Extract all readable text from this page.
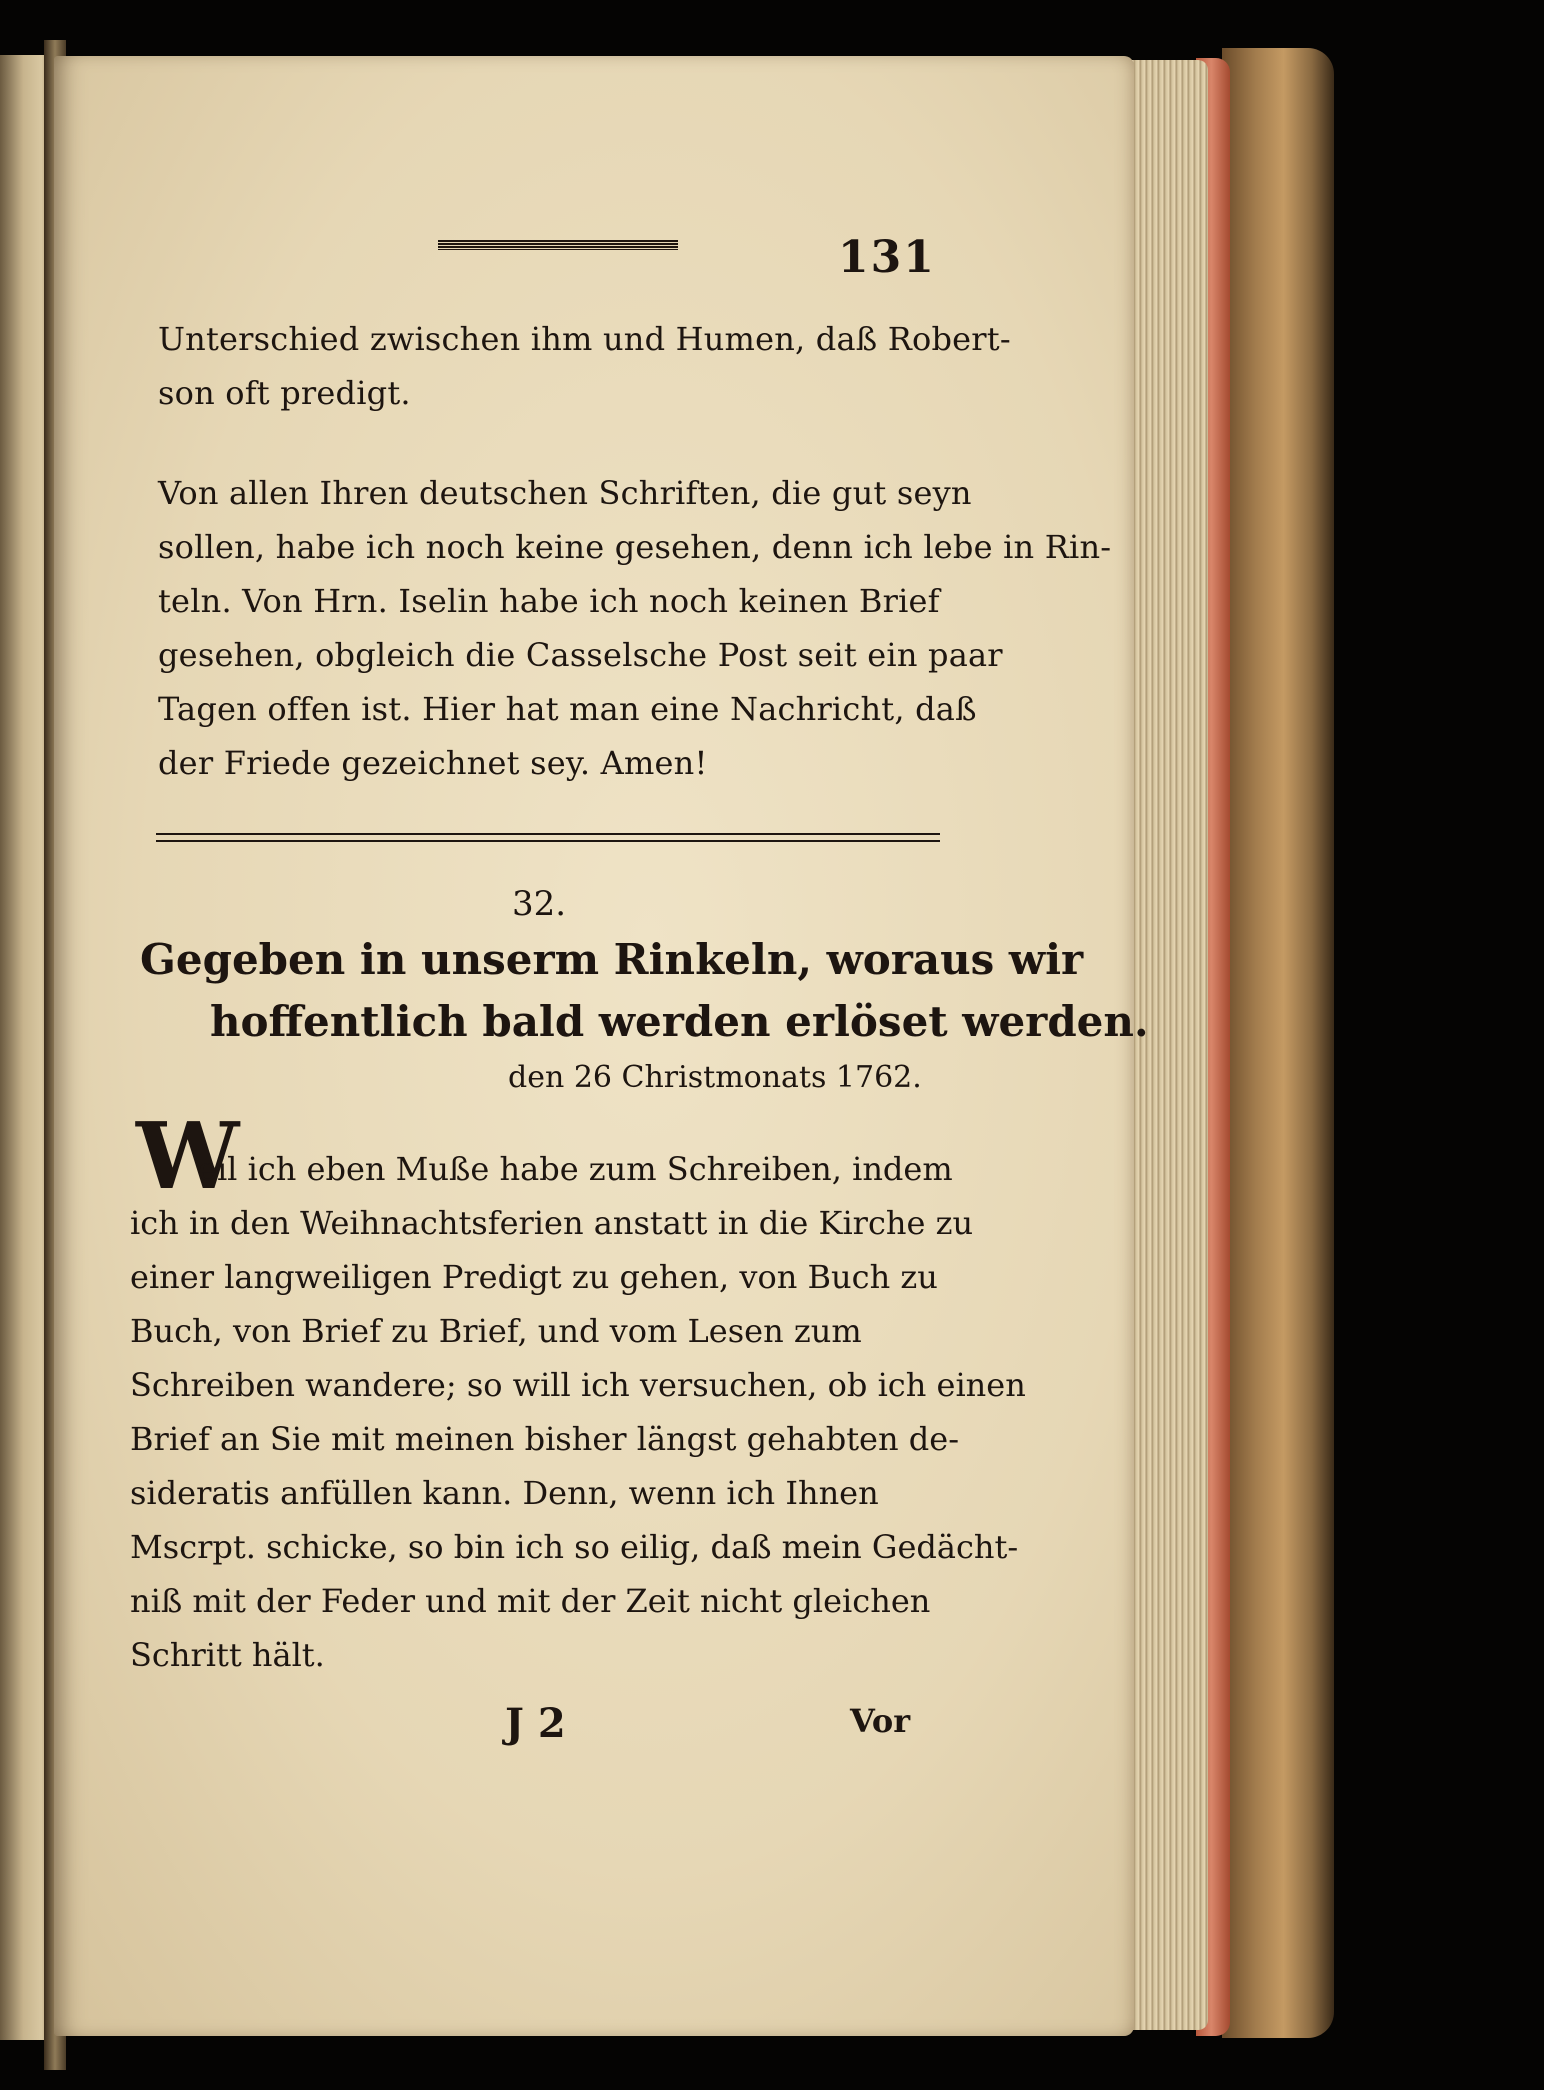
131
Unterschied zwischen ihm und Humen, daß Robert-
son oft predigt.
Von allen Ihren deutschen Schriften, die gut seyn
sollen, habe ich noch keine gesehen, denn ich lebe in Rin-
teln. Von Hrn. Iselin habe ich noch keinen Brief
gesehen, obgleich die Casselsche Post seit ein paar
Tagen offen ist. Hier hat man eine Nachricht, daß
der Friede gezeichnet sey. Amen!
32.
Gegeben in unserm Rinkeln, woraus wir
hoffentlich bald werden erlöset werden.
den 26 Christmonats 1762.
W
eil ich eben Muße habe zum Schreiben, indem
ich in den Weihnachtsferien anstatt in die Kirche zu
einer langweiligen Predigt zu gehen, von Buch zu
Buch, von Brief zu Brief, und vom Lesen zum
Schreiben wandere; so will ich versuchen, ob ich einen
Brief an Sie mit meinen bisher längst gehabten de-
sideratis anfüllen kann. Denn, wenn ich Ihnen
Mscrpt. schicke, so bin ich so eilig, daß mein Gedächt-
niß mit der Feder und mit der Zeit nicht gleichen
Schritt hält.
J 2	Vor
